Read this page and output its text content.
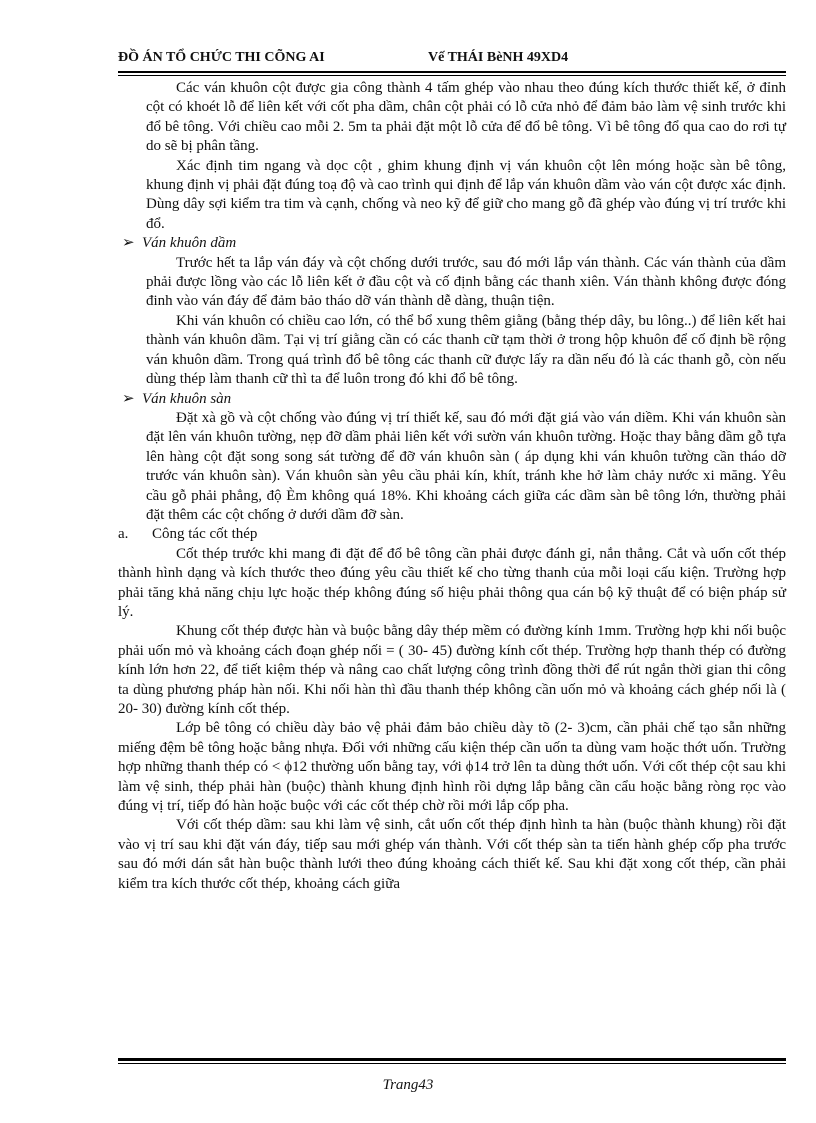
ĐỒ ÁN TỔ CHỨC THI CÕNG AI	Vế THÁI BèNH 49XD4

Các ván khuôn cột được gia công thành 4 tấm ghép vào nhau theo đúng kích thước thiết kế, ở đỉnh cột có khoét lỗ để liên kết với cốt pha dầm, chân cột phải có lỗ cửa nhỏ để đảm bảo làm vệ sinh trước khi đổ bê tông. Với chiều cao mỗi 2. 5m ta phải đặt một lỗ cửa để đổ bê tông. Vì bê tông đổ qua cao do rơi tự do sẽ bị phân tầng.

Xác định tim ngang và dọc cột , ghim khung định vị ván khuôn cột lên móng hoặc sàn bê tông, khung định vị phải đặt đúng toạ độ và cao trình qui định để lắp ván khuôn dầm vào ván cột được xác định. Dùng dây sợi kiểm tra tim và cạnh, chống và neo kỹ để giữ cho mang gỗ đã ghép vào đúng vị trí trước khi đổ.

➢ Ván khuôn dầm

Trước hết ta lắp ván đáy và cột chống dưới trước, sau đó mới lắp ván thành. Các ván thành của dầm phải được lồng vào các lỗ liên kết ở đầu cột và cố định bằng các thanh xiên. Ván thành không được đóng đinh vào ván đáy để đảm bảo tháo dỡ ván thành dễ dàng, thuận tiện.

Khi ván khuôn có chiều cao lớn, có thể bổ xung thêm giằng (bằng thép dây, bu lông..) để liên kết hai thành ván khuôn dầm. Tại vị trí giằng cần có các thanh cữ tạm thời ở trong hộp khuôn để cố định bề rộng ván khuôn dầm. Trong quá trình đổ bê tông các thanh cữ được lấy ra dần nếu đó là các thanh gỗ, còn nếu dùng thép làm thanh cữ thì ta để luôn trong đó khi đổ bê tông.

➢ Ván khuôn sàn

Đặt xà gồ và cột chống vào đúng vị trí thiết kế, sau đó mới đặt giá vào ván diềm. Khi ván khuôn sàn đặt lên ván khuôn tường, nẹp đỡ dầm phải liên kết với sườn ván khuôn tường. Hoặc thay bằng dầm gỗ tựa lên hàng cột đặt song song sát tường để đỡ ván khuôn sàn ( áp dụng khi ván khuôn tường cần tháo dỡ trước ván khuôn sàn). Ván khuôn sàn yêu cầu phải kín, khít, tránh khe hở làm chảy nước xi măng. Yêu cầu gỗ phải phẳng, độ Èm không quá 18%. Khi khoảng cách giữa các dầm sàn bê tông lớn, thường phải đặt thêm các cột chống ở dưới dầm đỡ sàn.

a. Công tác cốt thép

Cốt thép trước khi mang đi đặt để đổ bê tông cần phải được đánh gỉ, nắn thẳng. Cắt và uốn cốt thép thành hình dạng và kích thước theo đúng yêu cầu thiết kế cho từng thanh của mỗi loại cấu kiện. Trường hợp phải tăng khả năng chịu lực hoặc thép không đúng số hiệu phải thông qua cán bộ kỹ thuật để có biện pháp sử lý.

Khung cốt thép được hàn và buộc bằng dây thép mềm có đường kính 1mm. Trường hợp khi nối buộc phải uốn mỏ và khoảng cách đoạn ghép nối = ( 30- 45) đường kính cốt thép. Trường hợp thanh thép có đường kính lớn hơn 22, để tiết kiệm thép và nâng cao chất lượng công trình đồng thời để rút ngắn thời gian thi công ta dùng phương pháp hàn nối. Khi nối hàn thì đầu thanh thép không cần uốn mỏ và khoảng cách ghép nối là ( 20- 30) đường kính cốt thép.

Lớp bê tông có chiều dày bảo vệ phải đảm bảo chiều dày tõ (2- 3)cm, cần phải chế tạo sẵn những miếng đệm bê tông hoặc bằng nhựa. Đối với những cấu kiện thép cần uốn ta dùng vam hoặc thớt uốn. Trường hợp những thanh thép có < ϕ12 thường uốn bằng tay, với ϕ14 trở lên ta dùng thớt uốn. Với cốt thép cột sau khi làm vệ sinh, thép phải hàn (buộc) thành khung định hình rồi dựng lắp bằng cần cẩu hoặc bằng ròng rọc vào đúng vị trí, tiếp đó hàn hoặc buộc với các cốt thép chờ rồi mới lắp cốp pha.

Với cốt thép dầm: sau khi làm vệ sinh, cắt uốn cốt thép định hình ta hàn (buộc thành khung) rồi đặt vào vị trí sau khi đặt ván đáy, tiếp sau mới ghép ván thành. Với cốt thép sàn ta tiến hành ghép cốp pha trước sau đó mới dán sắt hàn buộc thành lưới theo đúng khoảng cách thiết kế. Sau khi đặt xong cốt thép, cần phải kiểm tra kích thước cốt thép, khoảng cách giữa

Trang43
